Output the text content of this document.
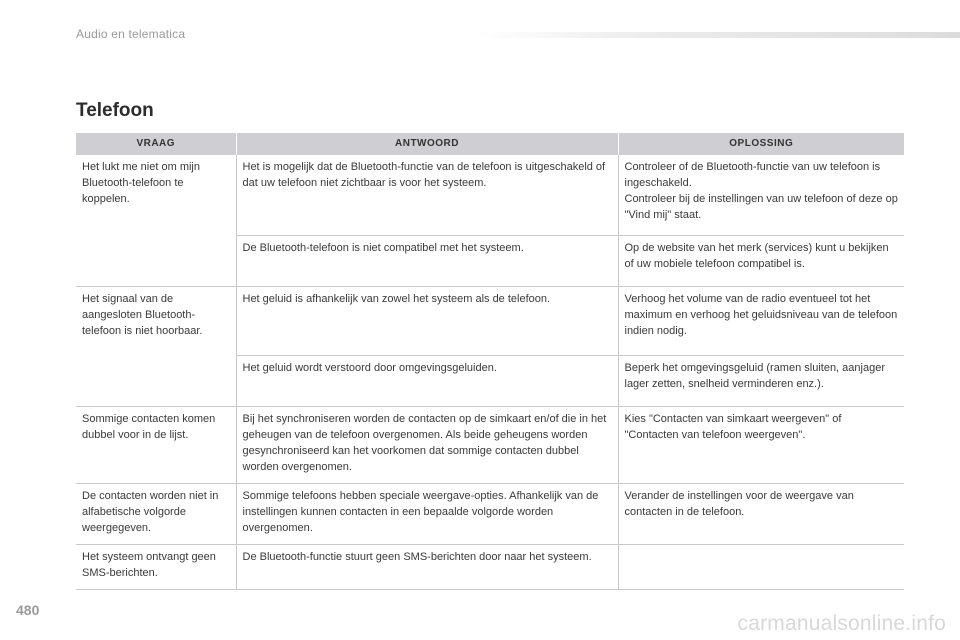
Audio en telematica
Telefoon
VRAAG	ANTWOORD	OPLOSSING
Het lukt me niet om mijn Bluetooth-telefoon te koppelen.	Het is mogelijk dat de Bluetooth-functie van de telefoon is uitgeschakeld of dat uw telefoon niet zichtbaar is voor het systeem.	Controleer of de Bluetooth-functie van uw telefoon is ingeschakeld.
Controleer bij de instellingen van uw telefoon of deze op "Vind mij" staat.

	De Bluetooth-telefoon is niet compatibel met het systeem.	Op de website van het merk (services) kunt u bekijken of uw mobiele telefoon compatibel is.
Het signaal van de aangesloten Bluetooth-telefoon is niet hoorbaar.	Het geluid is afhankelijk van zowel het systeem als de telefoon.	Verhoog het volume van de radio eventueel tot het maximum en verhoog het geluidsniveau van de telefoon indien nodig.
	Het geluid wordt verstoord door omgevingsgeluiden.	Beperk het omgevingsgeluid (ramen sluiten, aanjager lager zetten, snelheid verminderen enz.).
Sommige contacten komen dubbel voor in de lijst.	Bij het synchroniseren worden de contacten op de simkaart en/of die in het geheugen van de telefoon overgenomen. Als beide geheugens worden gesynchroniseerd kan het voorkomen dat sommige contacten dubbel worden overgenomen.	Kies "Contacten van simkaart weergeven" of "Contacten van telefoon weergeven".
De contacten worden niet in alfabetische volgorde weergegeven.	Sommige telefoons hebben speciale weergave-opties. Afhankelijk van de instellingen kunnen contacten in een bepaalde volgorde worden overgenomen.	Verander de instellingen voor de weergave van contacten in de telefoon.
Het systeem ontvangt geen SMS-berichten.	De Bluetooth-functie stuurt geen SMS-berichten door naar het systeem.	
480
carmanualsonline.info
